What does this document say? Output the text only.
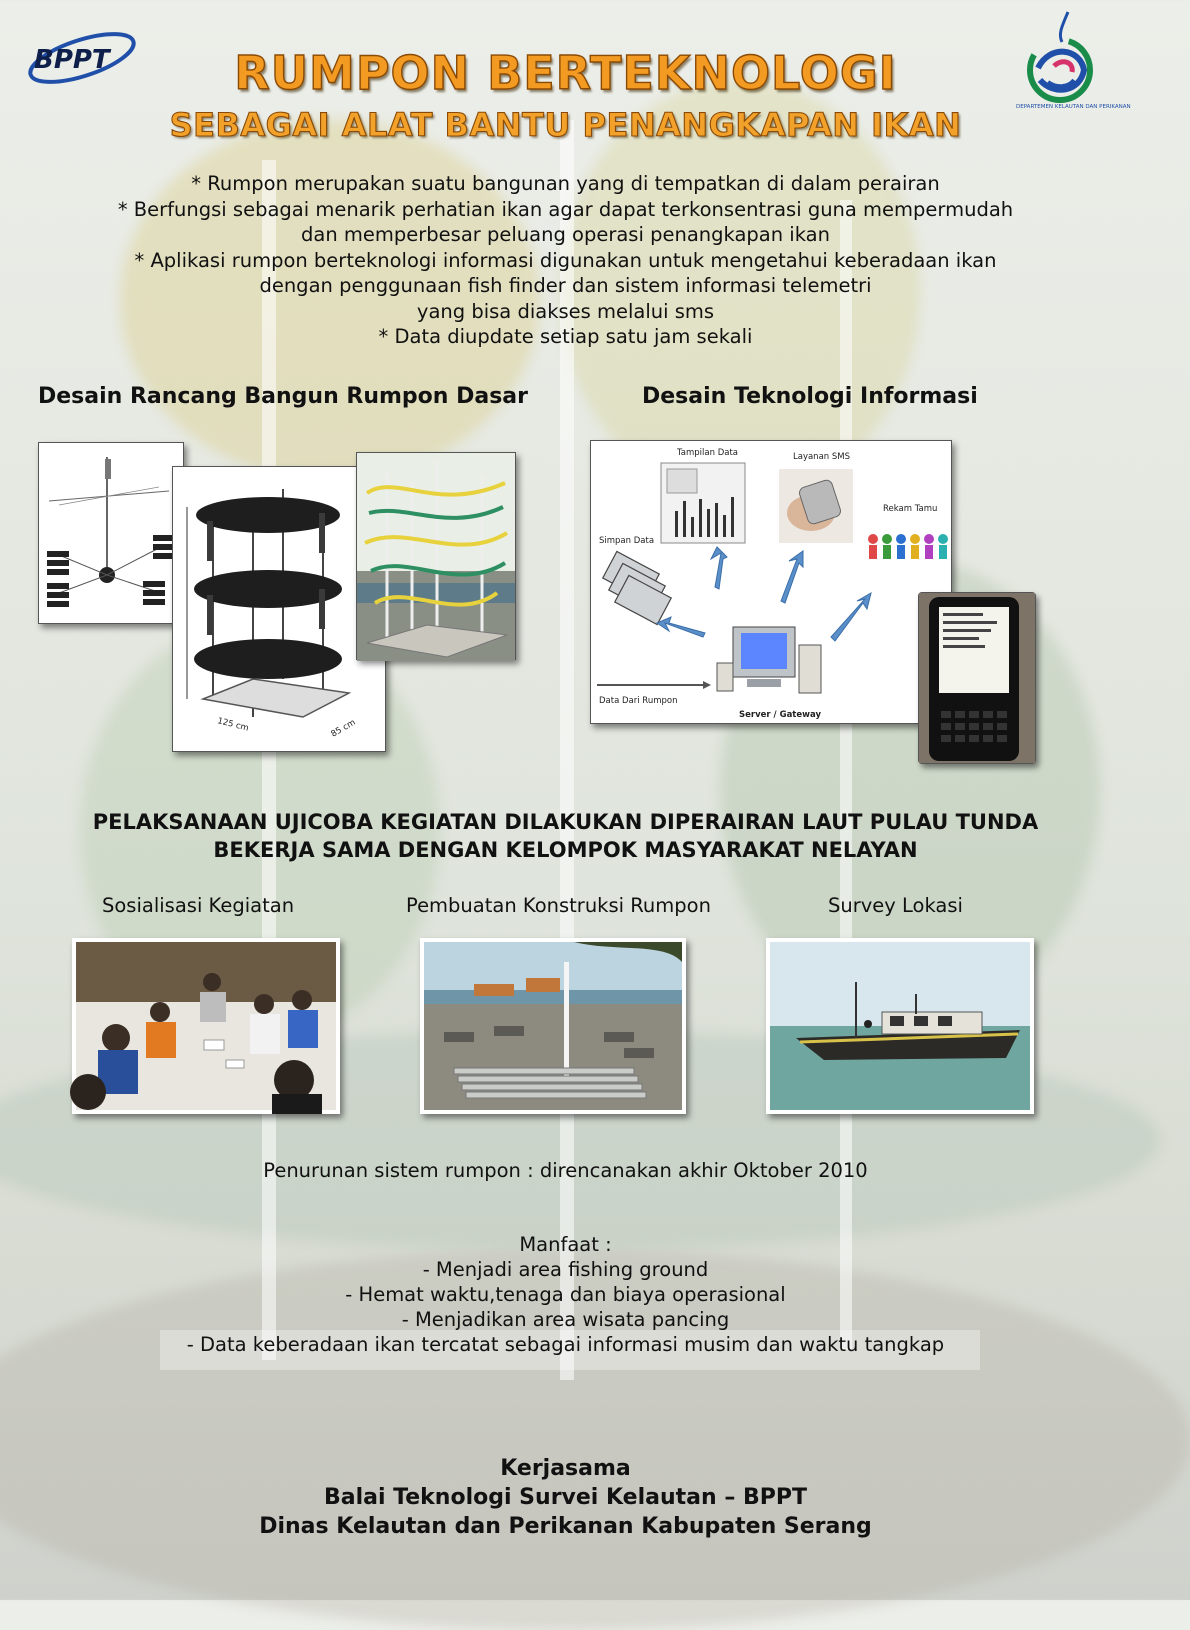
BPPT
DEPARTEMEN KELAUTAN DAN PERIKANAN
RUMPON BERTEKNOLOGI
SEBAGAI ALAT BANTU PENANGKAPAN IKAN
* Rumpon merupakan suatu bangunan yang di tempatkan di dalam perairan
* Berfungsi sebagai menarik perhatian ikan agar dapat terkonsentrasi guna mempermudah
dan memperbesar peluang operasi penangkapan ikan
* Aplikasi rumpon berteknologi informasi digunakan untuk mengetahui keberadaan ikan
dengan penggunaan fish finder dan sistem informasi telemetri
yang bisa diakses melalui sms
* Data diupdate setiap satu jam sekali
Desain Rancang Bangun Rumpon Dasar	Desain Teknologi Informasi
125 cm	85 cm
Tampilan Data	Layanan SMS
Rekam Tamu
Simpan Data
Data Dari Rumpon
Server / Gateway
PELAKSANAAN UJICOBA KEGIATAN DILAKUKAN DIPERAIRAN LAUT PULAU TUNDA
BEKERJA SAMA DENGAN KELOMPOK MASYARAKAT NELAYAN
Sosialisasi Kegiatan	Pembuatan Konstruksi Rumpon	Survey Lokasi
Penurunan sistem rumpon : direncanakan akhir Oktober 2010
Manfaat :
- Menjadi area fishing ground
- Hemat waktu,tenaga dan biaya operasional
- Menjadikan area wisata pancing
- Data keberadaan ikan tercatat sebagai informasi musim dan waktu tangkap
Kerjasama
Balai Teknologi Survei Kelautan – BPPT
Dinas Kelautan dan Perikanan Kabupaten Serang
